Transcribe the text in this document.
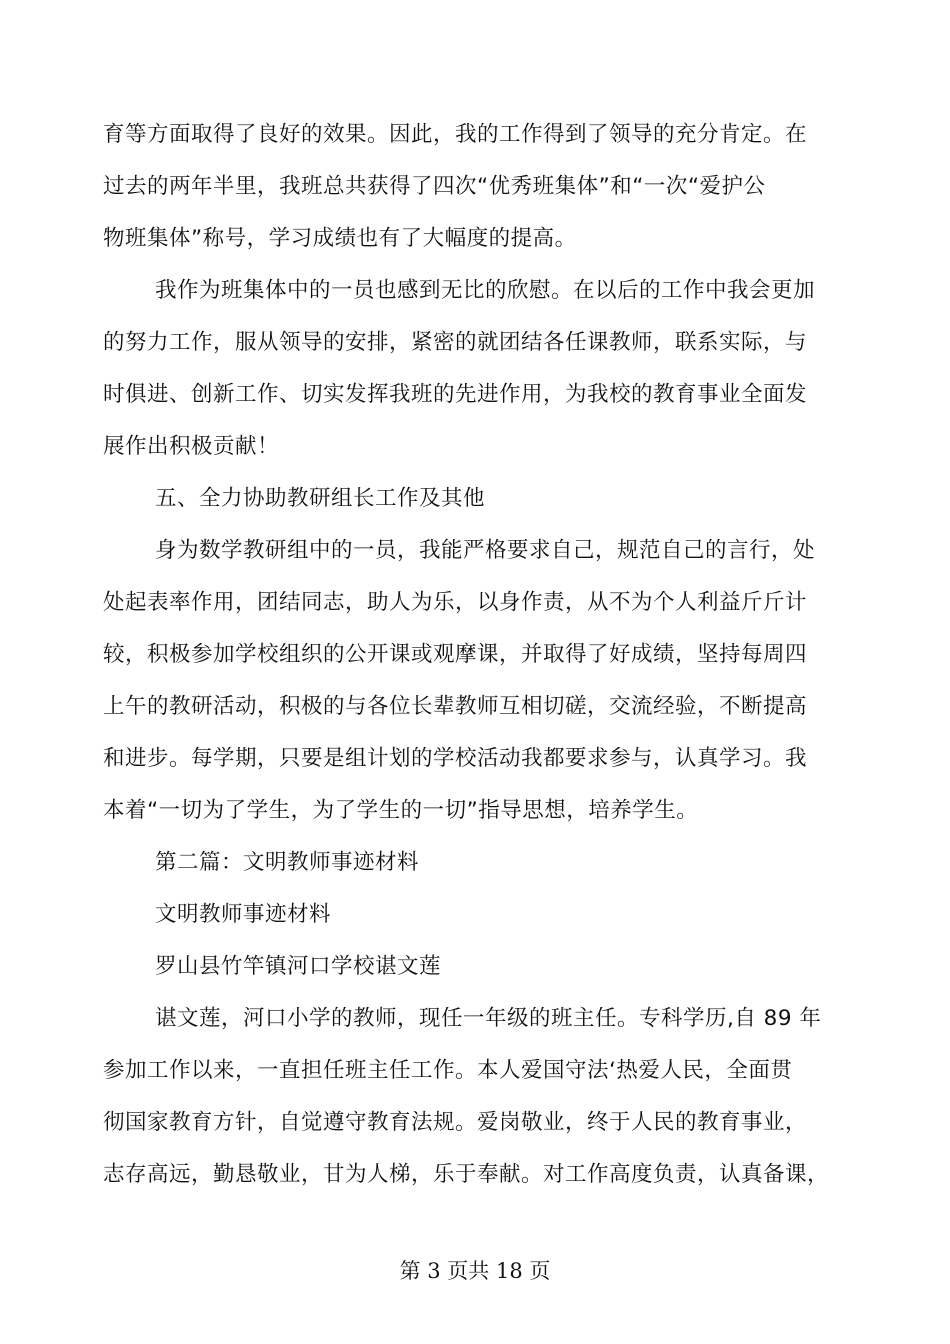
育等方面取得了良好的效果。因此，我的工作得到了领导的充分肯定。在
过去的两年半里，我班总共获得了四次“优秀班集体”和“一次“爱护公
物班集体”称号，学习成绩也有了大幅度的提高。
我作为班集体中的一员也感到无比的欣慰。在以后的工作中我会更加
的努力工作，服从领导的安排，紧密的就团结各任课教师，联系实际，与
时俱进、创新工作、切实发挥我班的先进作用，为我校的教育事业全面发
展作出积极贡献！
五、全力协助教研组长工作及其他
身为数学教研组中的一员，我能严格要求自己，规范自己的言行，处
处起表率作用，团结同志，助人为乐，以身作责，从不为个人利益斤斤计
较，积极参加学校组织的公开课或观摩课，并取得了好成绩，坚持每周四
上午的教研活动，积极的与各位长辈教师互相切磋，交流经验，不断提高
和进步。每学期，只要是组计划的学校活动我都要求参与，认真学习。我
本着“一切为了学生，为了学生的一切”指导思想，培养学生。
第二篇：文明教师事迹材料
文明教师事迹材料
罗山县竹竿镇河口学校谌文莲
谌文莲，河口小学的教师，现任一年级的班主任。专科学历,自 89 年
参加工作以来，一直担任班主任工作。本人爱国守法‘热爱人民，全面贯
彻国家教育方针，自觉遵守教育法规。爱岗敬业，终于人民的教育事业，
志存高远，勤恳敬业，甘为人梯，乐于奉献。对工作高度负责，认真备课，
第 3 页共 18 页
